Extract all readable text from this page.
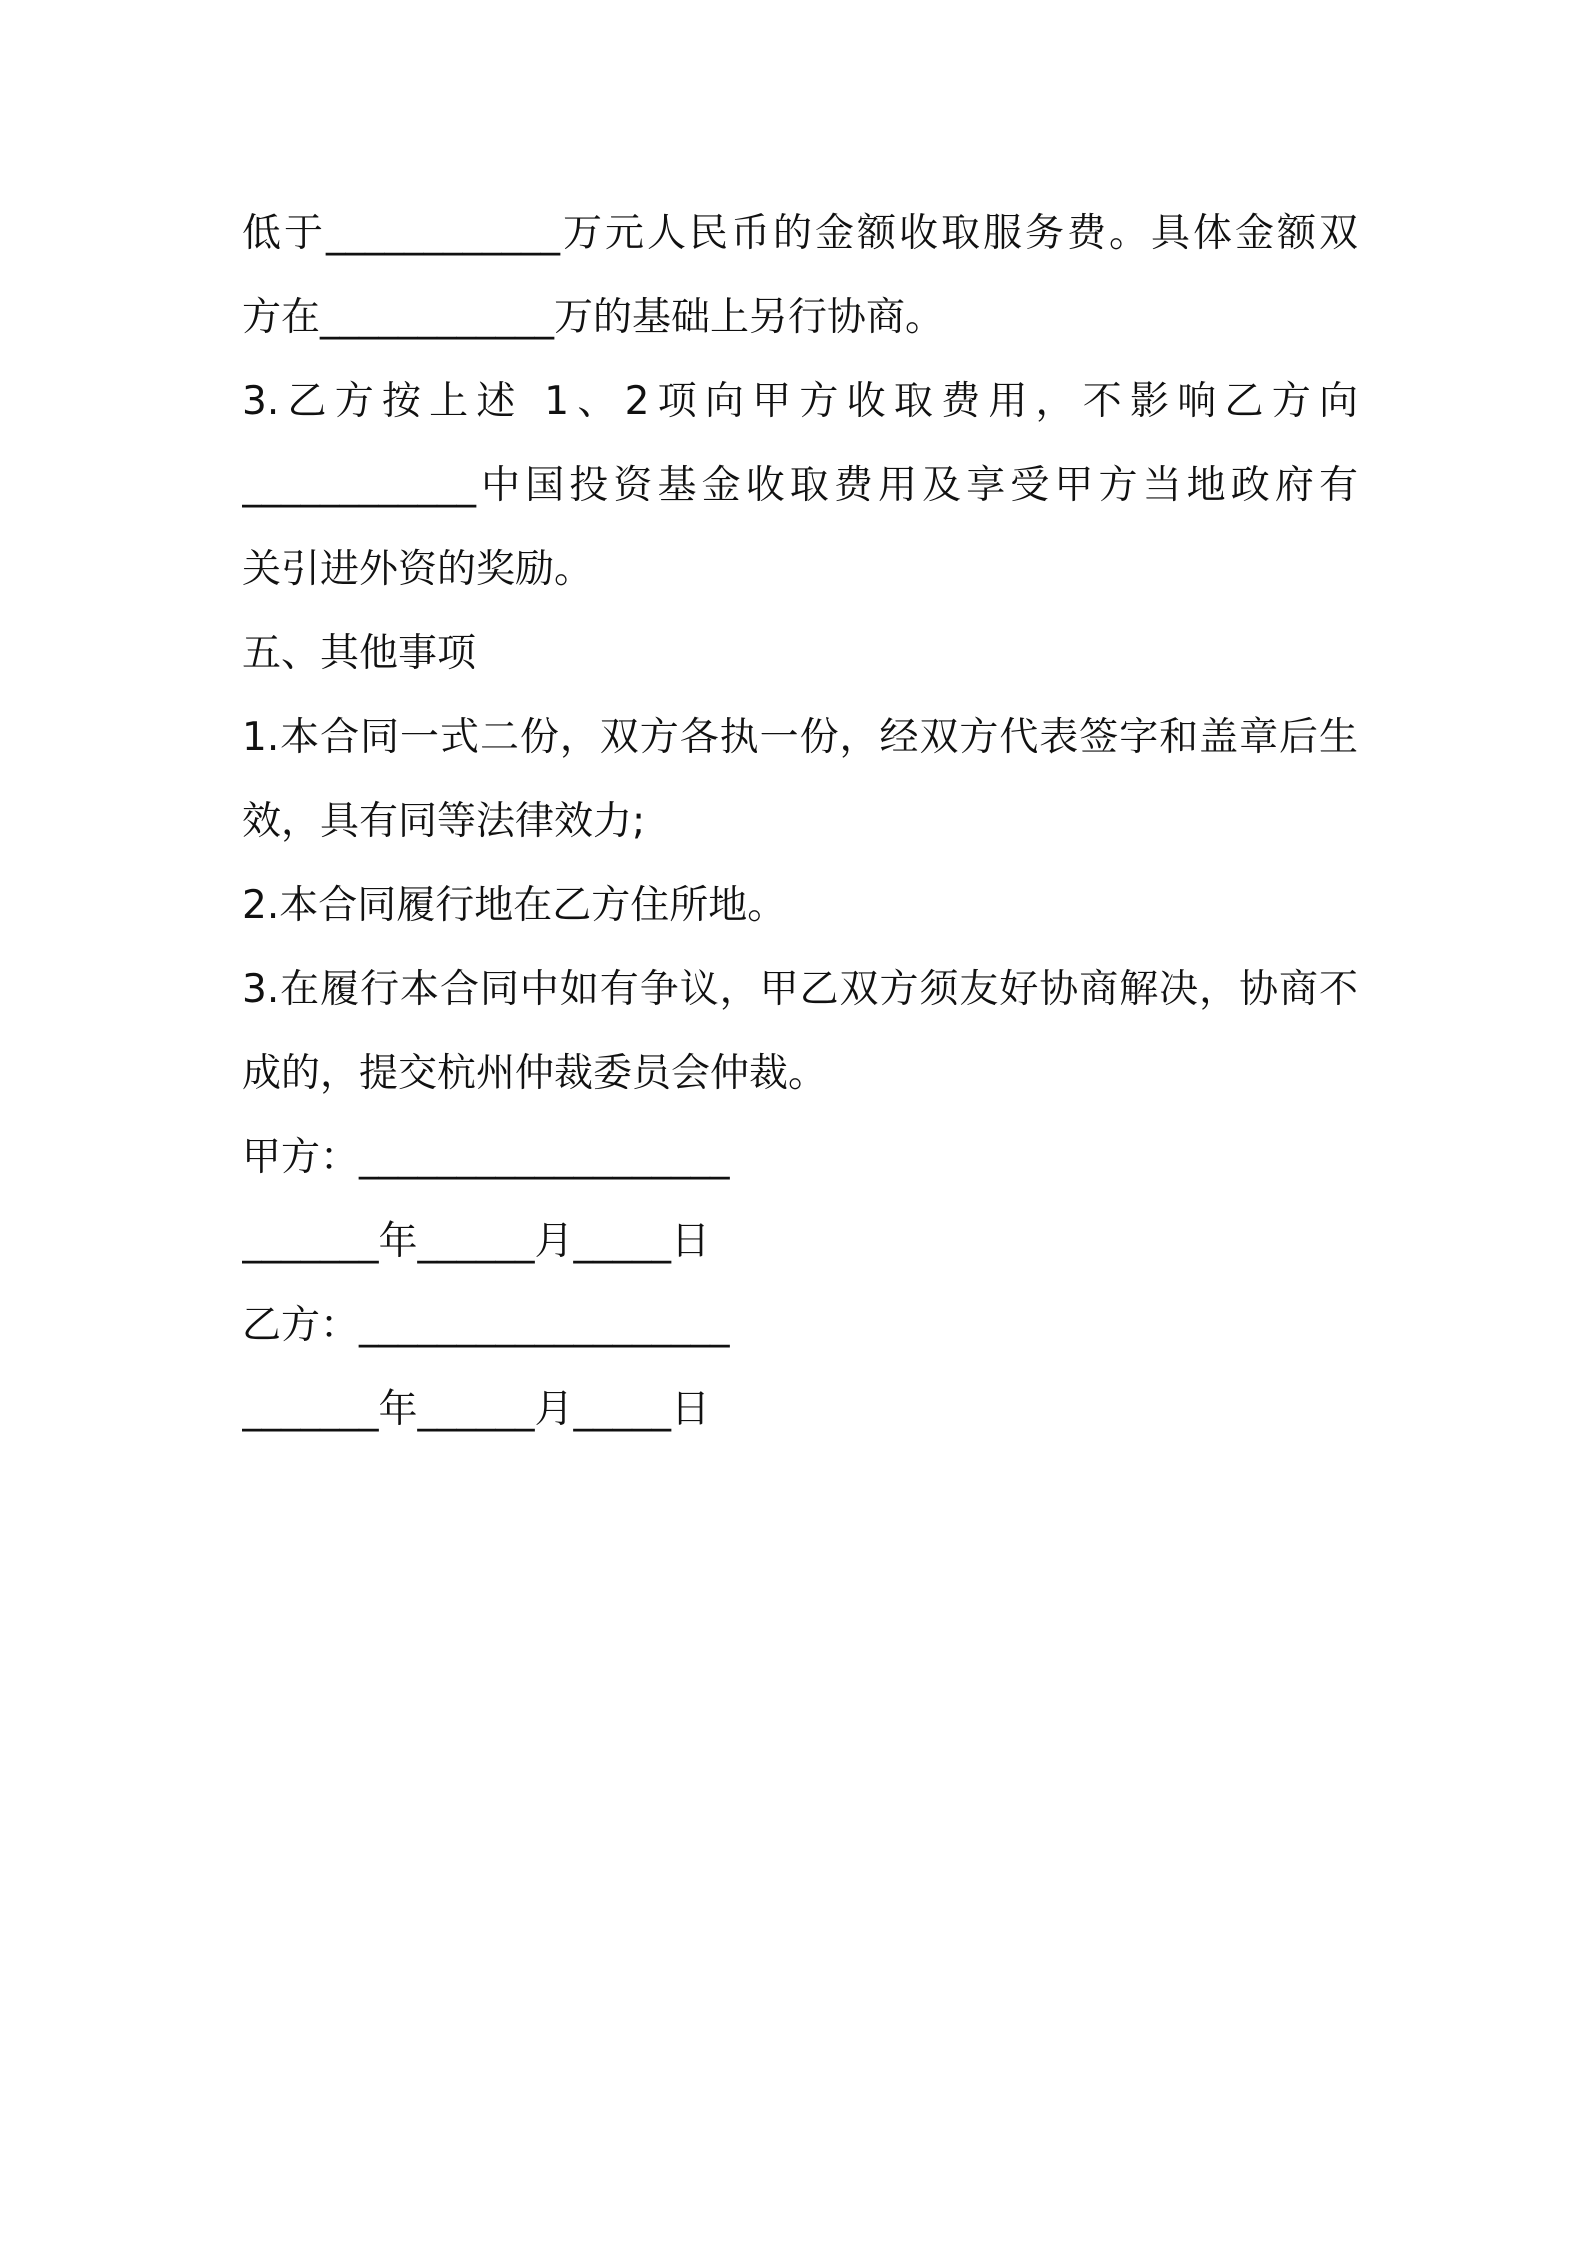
低于____________万元人民币的金额收取服务费。具体金额双
方在____________万的基础上另行协商。
3.乙方按上述 1、2项向甲方收取费用，不影响乙方向
____________中国投资基金收取费用及享受甲方当地政府有
关引进外资的奖励。
五、其他事项
1.本合同一式二份，双方各执一份，经双方代表签字和盖章后生
效，具有同等法律效力;
2.本合同履行地在乙方住所地。
3.在履行本合同中如有争议，甲乙双方须友好协商解决，协商不
成的，提交杭州仲裁委员会仲裁。
甲方：___________________
_______年______月_____日
乙方：___________________
_______年______月_____日
